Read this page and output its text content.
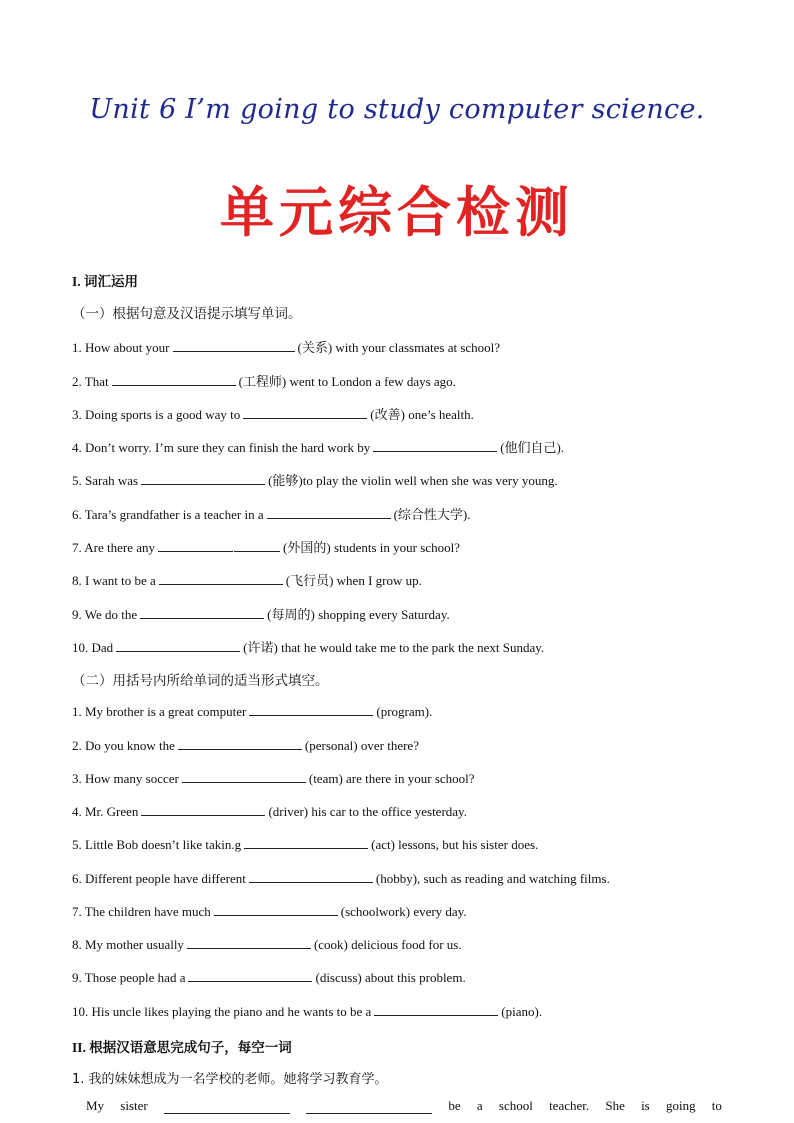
Unit 6 I’m going to study computer science.
单元综合检测
I. 词汇运用
（一）根据句意及汉语提示填写单词。
1. How about your	(关系) with your classmates at school?
2. That	(工程师) went to London a few days ago.
3. Doing sports is a good way to	(改善) one’s health.
4. Don’t worry. I’m sure they can finish the hard work by	(他们自己).
5. Sarah was	(能够)to play the violin well when she was very young.
6. Tara’s grandfather is a teacher in a	(综合性大学).
7. Are there any	(外国的) students in your school?
8. I want to be a	(飞行员) when I grow up.
9. We do the	(每周的) shopping every Saturday.
10. Dad	(许诺) that he would take me to the park the next Sunday.
（二）用括号内所给单词的适当形式填空。
1. My brother is a great computer	(program).
2. Do you know the	(personal) over there?
3. How many soccer	(team) are there in your school?
4. Mr. Green	(driver) his car to the office yesterday.
5. Little Bob doesn’t like takin.g	(act) lessons, but his sister does.
6. Different people have different	(hobby), such as reading and watching films.
7. The children have much	(schoolwork) every day.
8. My mother usually	(cook) delicious food for us.
9. Those people had a	(discuss) about this problem.
10. His uncle likes playing the piano and he wants to be a	(piano).
II. 根据汉语意思完成句子，每空一词
1. 我的妹妹想成为一名学校的老师。她将学习教育学。
My sister	be a school teacher. She is going to
